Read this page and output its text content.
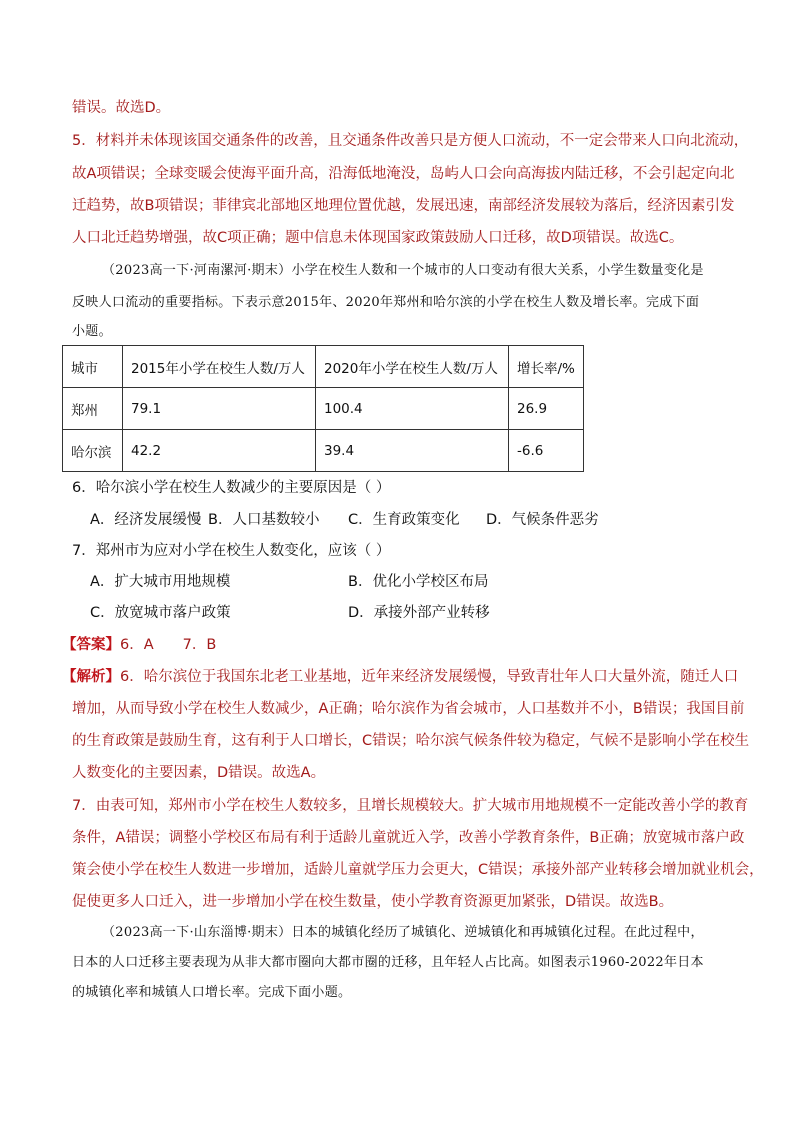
错误。故选D。
5．材料并未体现该国交通条件的改善，且交通条件改善只是方便人口流动，不一定会带来人口向北流动，
故A项错误；全球变暖会使海平面升高，沿海低地淹没，岛屿人口会向高海拔内陆迁移，不会引起定向北
迁趋势，故B项错误；菲律宾北部地区地理位置优越，发展迅速，南部经济发展较为落后，经济因素引发
人口北迁趋势增强，故C项正确；题中信息未体现国家政策鼓励人口迁移，故D项错误。故选C。
（2023高一下·河南漯河·期末）小学在校生人数和一个城市的人口变动有很大关系，小学生数量变化是
反映人口流动的重要指标。下表示意2015年、2020年郑州和哈尔滨的小学在校生人数及增长率。完成下面
小题。
城市	2015年小学在校生人数/万人	2020年小学在校生人数/万人	增长率/%
郑州	79.1	100.4	26.9
哈尔滨	42.2	39.4	-6.6
6．哈尔滨小学在校生人数减少的主要原因是（ ）
A．经济发展缓慢 B．人口基数较小 C．生育政策变化 D．气候条件恶劣
7．郑州市为应对小学在校生人数变化，应该（ ）
A．扩大城市用地规模	B．优化小学校区布局
C．放宽城市落户政策	D．承接外部产业转移
【答案】6．A　　7．B
【解析】6．哈尔滨位于我国东北老工业基地，近年来经济发展缓慢，导致青壮年人口大量外流，随迁人口
增加，从而导致小学在校生人数减少，A正确；哈尔滨作为省会城市，人口基数并不小，B错误；我国目前
的生育政策是鼓励生育，这有利于人口增长，C错误；哈尔滨气候条件较为稳定，气候不是影响小学在校生
人数变化的主要因素，D错误。故选A。
7．由表可知，郑州市小学在校生人数较多，且增长规模较大。扩大城市用地规模不一定能改善小学的教育
条件，A错误；调整小学校区布局有利于适龄儿童就近入学，改善小学教育条件，B正确；放宽城市落户政
策会使小学在校生人数进一步增加，适龄儿童就学压力会更大，C错误；承接外部产业转移会增加就业机会，
促使更多人口迁入，进一步增加小学在校生数量，使小学教育资源更加紧张，D错误。故选B。
（2023高一下·山东淄博·期末）日本的城镇化经历了城镇化、逆城镇化和再城镇化过程。在此过程中，
日本的人口迁移主要表现为从非大都市圈向大都市圈的迁移，且年轻人占比高。如图表示1960-2022年日本
的城镇化率和城镇人口增长率。完成下面小题。
